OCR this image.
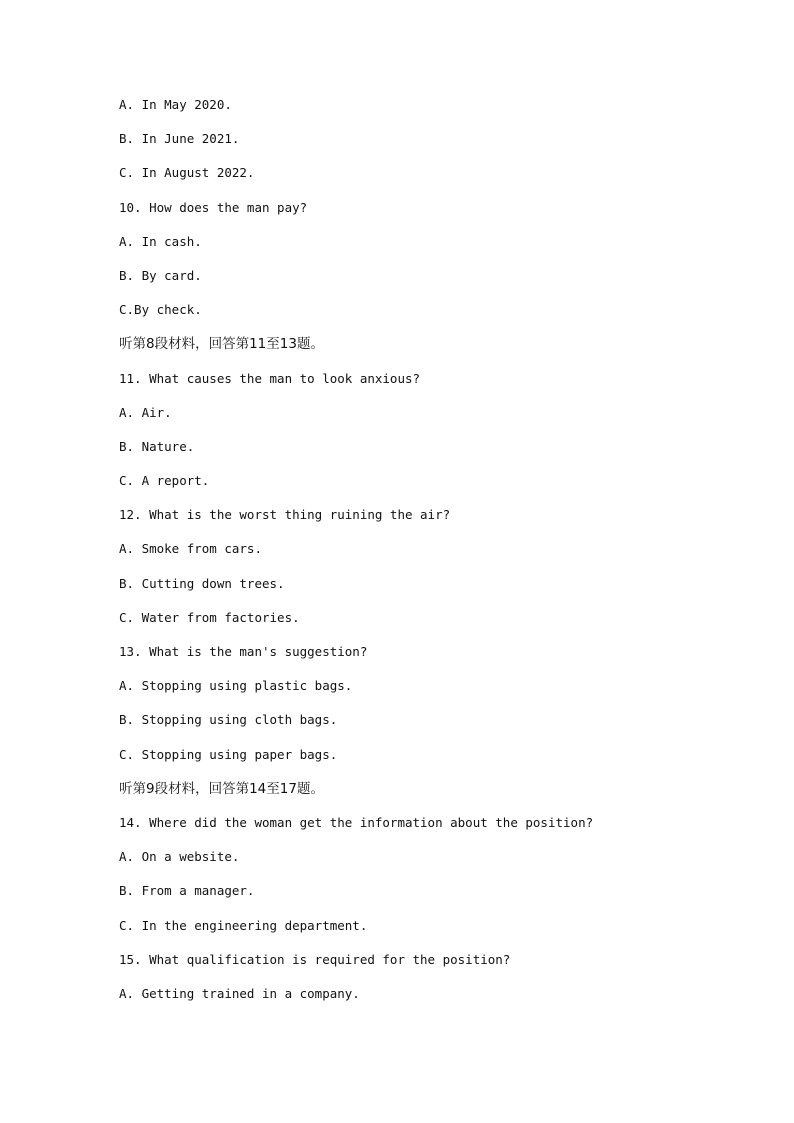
A. In May 2020.
B. In June 2021.
C. In August 2022.
10. How does the man pay?
A. In cash.
B. By card.
C.By check.
听第8段材料，回答第11至13题。
11. What causes the man to look anxious?
A. Air.
B. Nature.
C. A report.
12. What is the worst thing ruining the air?
A. Smoke from cars.
B. Cutting down trees.
C. Water from factories.
13. What is the man's suggestion?
A. Stopping using plastic bags.
B. Stopping using cloth bags.
C. Stopping using paper bags.
听第9段材料，回答第14至17题。
14. Where did the woman get the information about the position?
A. On a website.
B. From a manager.
C. In the engineering department.
15. What qualification is required for the position?
A. Getting trained in a company.
